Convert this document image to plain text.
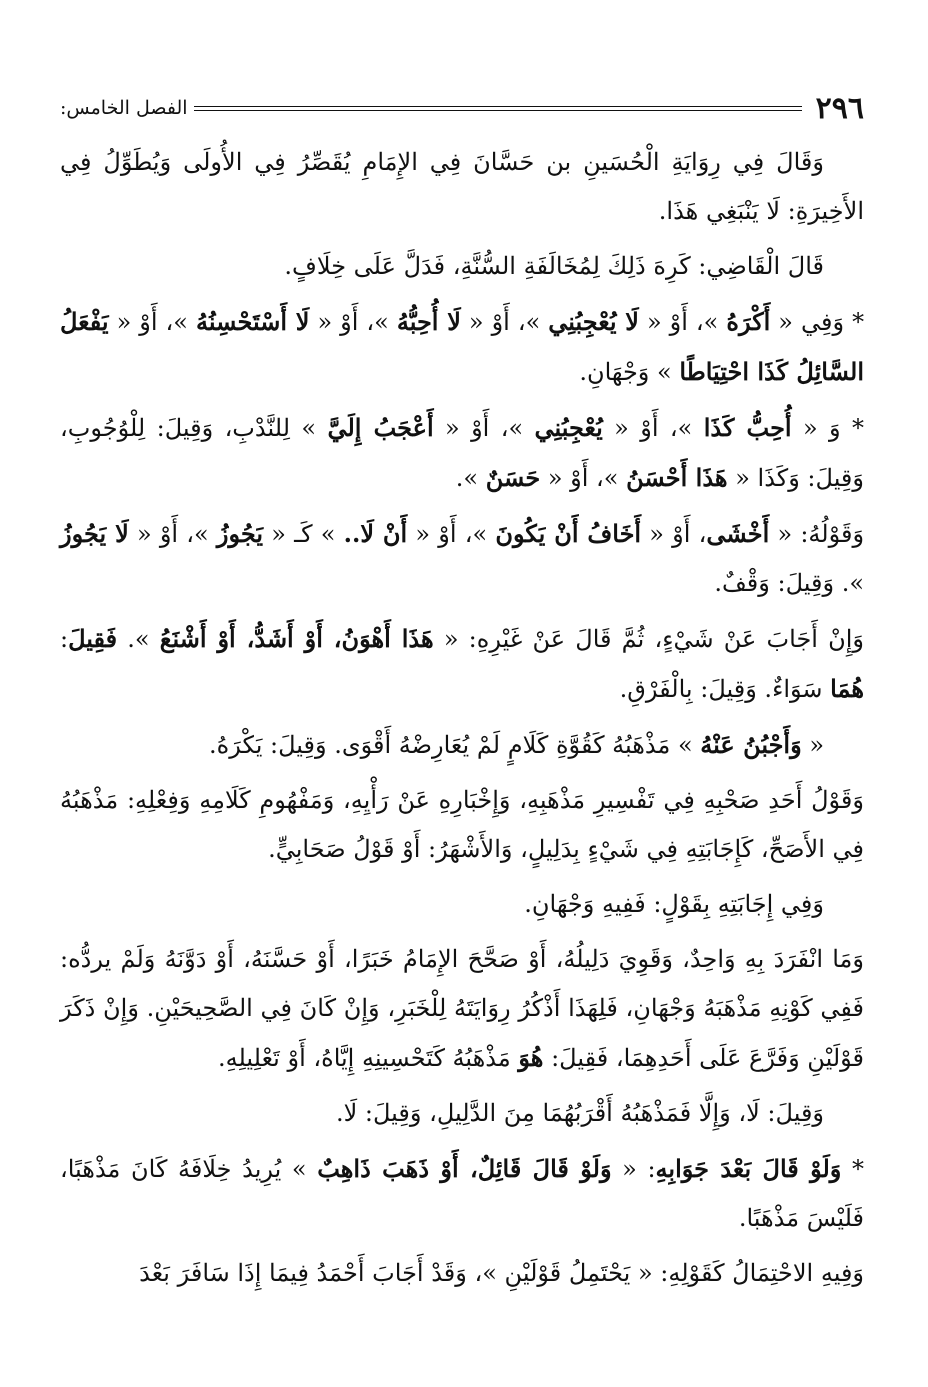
٢٩٦
الفصل الخامس:

وَقَالَ فِي رِوَايَةِ الْحُسَينِ بن حَسَّانَ فِي الإِمَامِ يُقَصِّرُ فِي الأُولَى وَيُطَوِّلُ فِي الأَخِيرَةِ: لَا يَنْبَغِي هَذَا.

قَالَ الْقَاضِي: كَرِهَ ذَلِكَ لِمُخَالَفَةِ السُّنَّةِ، فَدَلَّ عَلَى خِلَافٍ.

* وَفِي « أَكْرَهُ »، أَوْ « لَا يُعْجِبُنِي »، أَوْ « لَا أُحِبُّهُ »، أَوْ « لَا أَسْتَحْسِنُهُ »، أَوْ « يَفْعَلُ السَّائِلُ كَذَا احْتِيَاطًا » وَجْهَانِ.

* وَ « أُحِبُّ كَذَا »، أَوْ « يُعْجِبُنِي »، أَوْ « أَعْجَبُ إِلَيَّ » لِلنَّدْبِ، وَقِيلَ: لِلْوُجُوبِ، وَقِيلَ: وَكَذَا « هَذَا أَحْسَنُ »، أَوْ « حَسَنٌ ».

وَقَوْلُهُ: « أَخْشَى، أَوْ « أَخَافُ أَنْ يَكُونَ »، أَوْ « أَنْ لَا.. » كَـ « يَجُوزُ »، أَوْ « لَا يَجُوزُ ». وَقِيلَ: وَقْفٌ.

وَإِنْ أَجَابَ عَنْ شَيْءٍ، ثُمَّ قَالَ عَنْ غَيْرِهِ: « هَذَا أَهْوَنُ، أَوْ أَشَدُّ، أَوْ أَشْنَعُ ». فَقِيلَ: هُمَا سَوَاءٌ. وَقِيلَ: بِالْفَرْقِ.

« وَأَجْبُنُ عَنْهُ » مَذْهَبُهُ كَقُوَّةِ كَلَامٍ لَمْ يُعَارِضْهُ أَقْوَى. وَقِيلَ: يَكْرَهُ.

وَقَوْلُ أَحَدِ صَحْبِهِ فِي تَفْسِيرِ مَذْهَبِهِ، وَإِخْبَارِهِ عَنْ رَأْيِهِ، وَمَفْهُومِ كَلَامِهِ وَفِعْلِهِ: مَذْهَبُهُ فِي الأَصَحِّ، كَإِجَابَتِهِ فِي شَيْءٍ بِدَلِيلٍ، وَالأَشْهَرُ: أَوْ قَوْلُ صَحَابِيٍّ.

وَفِي إِجَابَتِهِ بِقَوْلٍ: فَفِيهِ وَجْهَانِ.

وَمَا انْفَرَدَ بِهِ وَاحِدٌ، وَقَوِيَ دَلِيلُهُ، أَوْ صَحَّحَ الإِمَامُ خَبَرًا، أَوْ حَسَّنَهُ، أَوْ دَوَّنَهُ وَلَمْ يردُّه: فَفِي كَوْنِهِ مَذْهَبَهُ وَجْهَانِ، فَلِهَذَا أَذْكُرُ رِوَايَتَهُ لِلْخَبَرِ، وَإِنْ كَانَ فِي الصَّحِيحَيْنِ. وَإِنْ ذَكَرَ قَوْلَيْنِ وَفَرَّعَ عَلَى أَحَدِهِمَا، فَقِيلَ: هُوَ مَذْهَبُهُ كَتَحْسِينِهِ إِيَّاهُ، أَوْ تَعْلِيلِهِ.

وَقِيلَ: لَا، وَإِلَّا فَمَذْهَبُهُ أَقْرَبُهُمَا مِنَ الدَّلِيلِ، وَقِيلَ: لَا.

* وَلَوْ قَالَ بَعْدَ جَوَابِهِ: « وَلَوْ قَالَ قَائِلٌ، أَوْ ذَهَبَ ذَاهِبٌ » يُرِيدُ خِلَافَهُ كَانَ مَذْهَبًا، فَلَيْسَ مَذْهَبًا.

وَفِيهِ الاحْتِمَالُ كَقَوْلِهِ: « يَحْتَمِلُ قَوْلَيْنِ »، وَقَدْ أَجَابَ أَحْمَدُ فِيمَا إِذَا سَافَرَ بَعْدَ
